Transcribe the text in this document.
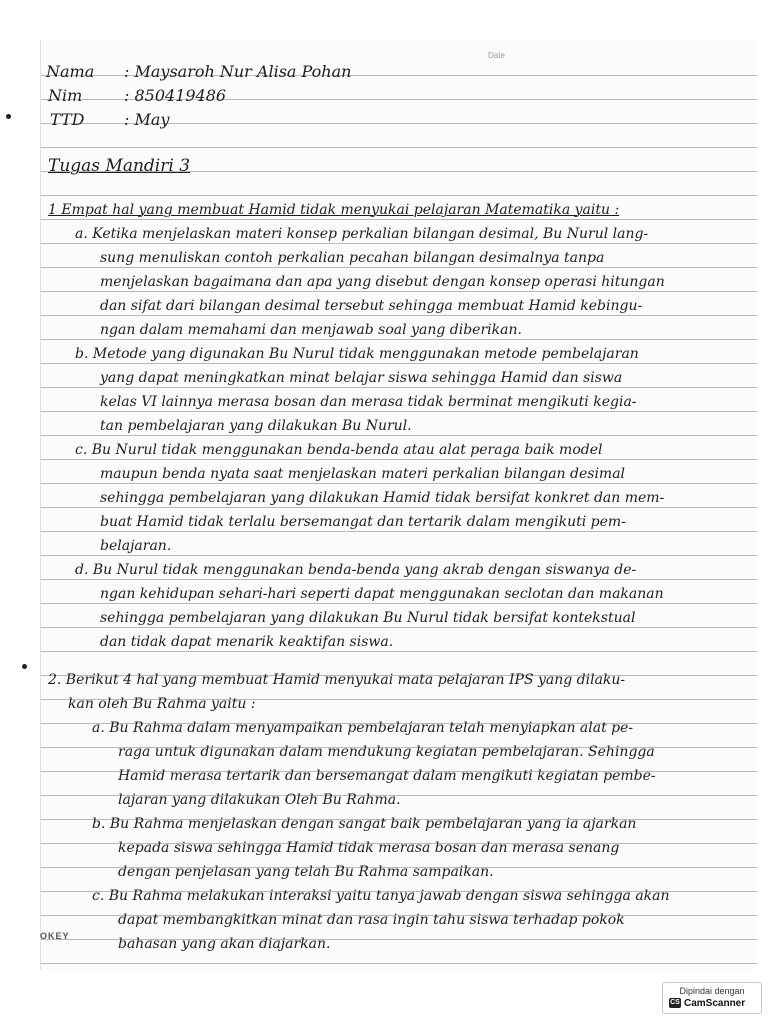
Date
Nama : Maysaroh Nur Alisa Pohan
Nim	: 850419486
TTD : May
Tugas Mandiri 3
1 Empat hal yang membuat Hamid tidak menyukai pelajaran Matematika yaitu :
a. Ketika menjelaskan materi konsep perkalian bilangan desimal, Bu Nurul lang-
sung menuliskan contoh perkalian pecahan bilangan desimalnya tanpa
menjelaskan bagaimana dan apa yang disebut dengan konsep operasi hitungan
dan sifat dari bilangan desimal tersebut sehingga membuat Hamid kebingu-
ngan dalam memahami dan menjawab soal yang diberikan.
b. Metode yang digunakan Bu Nurul tidak menggunakan metode pembelajaran
yang dapat meningkatkan minat belajar siswa sehingga Hamid dan siswa
kelas VI lainnya merasa bosan dan merasa tidak berminat mengikuti kegia-
tan pembelajaran yang dilakukan Bu Nurul.
c. Bu Nurul tidak menggunakan benda-benda atau alat peraga baik model
maupun benda nyata saat menjelaskan materi perkalian bilangan desimal
sehingga pembelajaran yang dilakukan Hamid tidak bersifat konkret dan mem-
buat Hamid tidak terlalu bersemangat dan tertarik dalam mengikuti pem-
belajaran.
d. Bu Nurul tidak menggunakan benda-benda yang akrab dengan siswanya de-
ngan kehidupan sehari-hari seperti dapat menggunakan seclotan dan makanan
sehingga pembelajaran yang dilakukan Bu Nurul tidak bersifat kontekstual
dan tidak dapat menarik keaktifan siswa.
2. Berikut 4 hal yang membuat Hamid menyukai mata pelajaran IPS yang dilaku-
kan oleh Bu Rahma yaitu :
a. Bu Rahma dalam menyampaikan pembelajaran telah menyiapkan alat pe-
raga untuk digunakan dalam mendukung kegiatan pembelajaran. Sehingga
Hamid merasa tertarik dan bersemangat dalam mengikuti kegiatan pembe-
lajaran yang dilakukan Oleh Bu Rahma.
b. Bu Rahma menjelaskan dengan sangat baik pembelajaran yang ia ajarkan
kepada siswa sehingga Hamid tidak merasa bosan dan merasa senang
dengan penjelasan yang telah Bu Rahma sampaikan.
c. Bu Rahma melakukan interaksi yaitu tanya jawab dengan siswa sehingga akan
dapat membangkitkan minat dan rasa ingin tahu siswa terhadap pokok
bahasan yang akan diajarkan.
OKEY
Dipindai dengan
CS CamScanner
